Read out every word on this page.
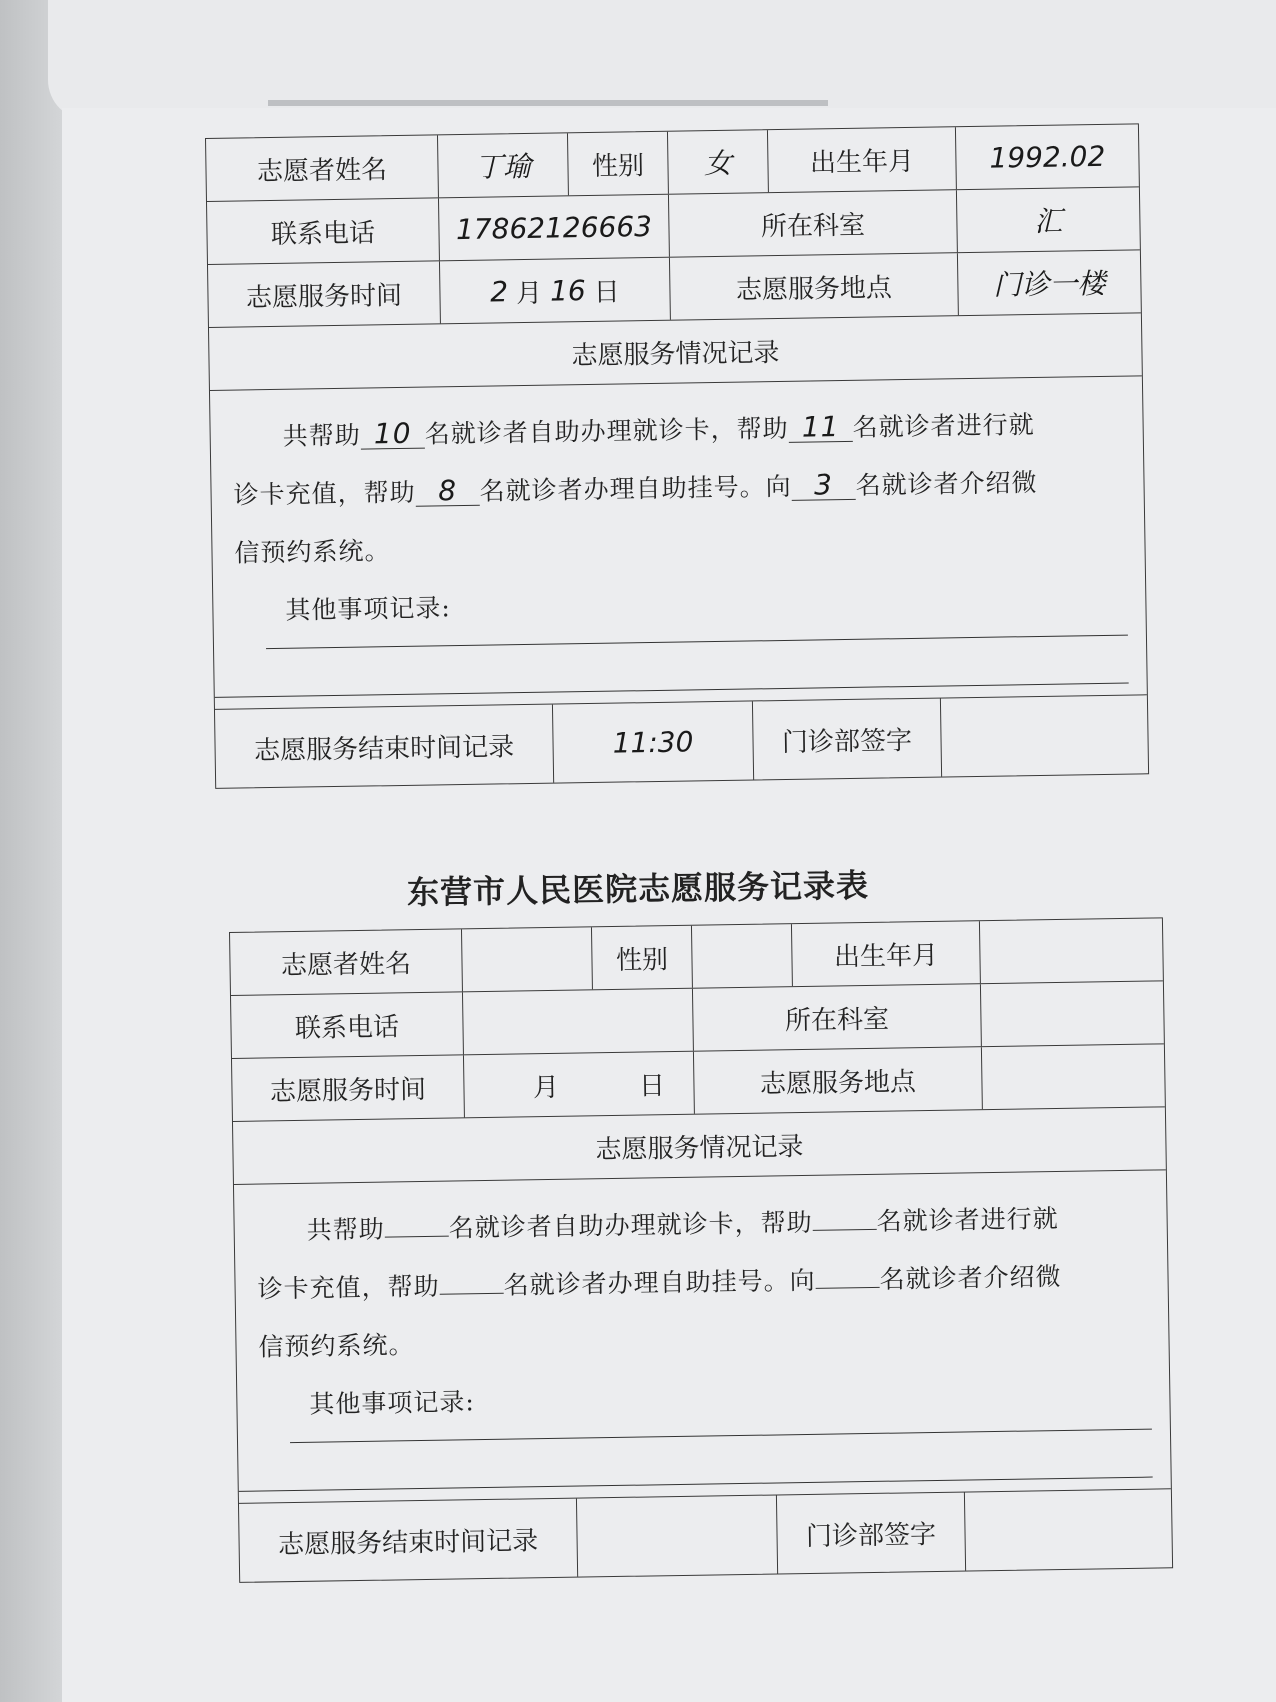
志愿者姓名	丁瑜	性别	女	出生年月	1992.02
联系电话	17862126663	所在科室	汇
志愿服务时间	2 月 16 日	志愿服务地点	门诊一楼
志愿服务情况记录
共帮助 10 名就诊者自助办理就诊卡，帮助 11 名就诊者进行就
诊卡充值，帮助 8 名就诊者办理自助挂号。向 3 名就诊者介绍微
信预约系统。
其他事项记录:
志愿服务结束时间记录	11:30	门诊部签字
东营市人民医院志愿服务记录表
志愿者姓名	性别	出生年月
联系电话	所在科室
志愿服务时间	月	日	志愿服务地点
志愿服务情况记录
共帮助	名就诊者自助办理就诊卡，帮助	名就诊者进行就
诊卡充值，帮助	名就诊者办理自助挂号。向	名就诊者介绍微
信预约系统。
其他事项记录:
志愿服务结束时间记录	门诊部签字
